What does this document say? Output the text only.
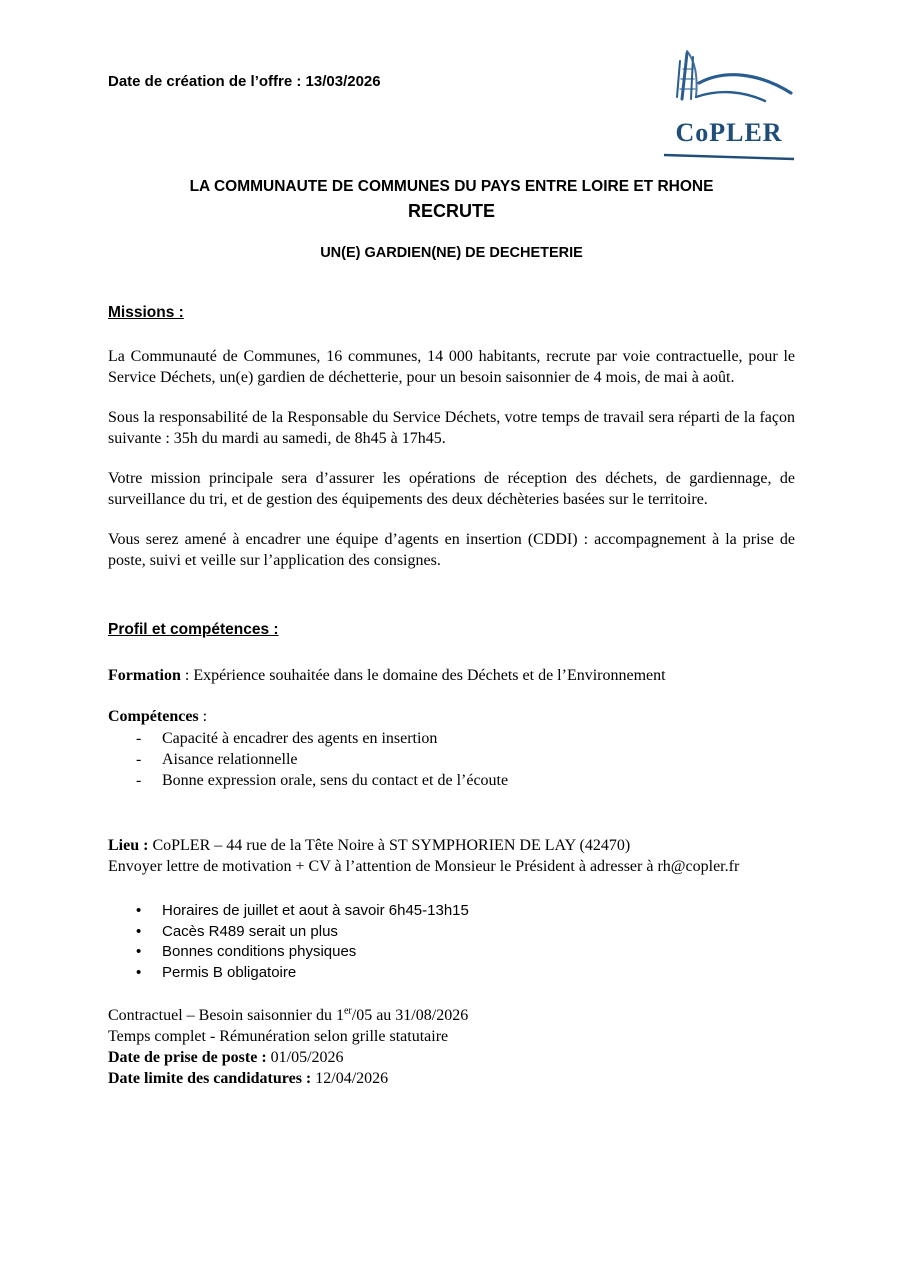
Date de création de l’offre : 13/03/2026
CoPLER
LA COMMUNAUTE DE COMMUNES DU PAYS ENTRE LOIRE ET RHONE
RECRUTE
UN(E) GARDIEN(NE) DE DECHETERIE
Missions :

La Communauté de Communes, 16 communes, 14 000 habitants, recrute par voie contractuelle, pour le Service Déchets, un(e) gardien de déchetterie, pour un besoin saisonnier de 4 mois, de mai à août.

Sous la responsabilité de la Responsable du Service Déchets, votre temps de travail sera réparti de la façon suivante : 35h du mardi au samedi, de 8h45 à 17h45.

Votre mission principale sera d’assurer les opérations de réception des déchets, de gardiennage, de surveillance du tri, et de gestion des équipements des deux déchèteries basées sur le territoire.

Vous serez amené à encadrer une équipe d’agents en insertion (CDDI) : accompagnement à la prise de poste, suivi et veille sur l’application des consignes.

Profil et compétences :
Formation : Expérience souhaitée dans le domaine des Déchets et de l’Environnement
Compétences :
- Capacité à encadrer des agents en insertion
- Aisance relationnelle
- Bonne expression orale, sens du contact et de l’écoute
Lieu : CoPLER – 44 rue de la Tête Noire à ST SYMPHORIEN DE LAY (42470)
Envoyer lettre de motivation + CV à l’attention de Monsieur le Président à adresser à rh@copler.fr
• Horaires de juillet et aout à savoir 6h45-13h15
• Cacès R489 serait un plus
• Bonnes conditions physiques
• Permis B obligatoire
Contractuel – Besoin saisonnier du 1er/05 au 31/08/2026
Temps complet - Rémunération selon grille statutaire
Date de prise de poste : 01/05/2026
Date limite des candidatures : 12/04/2026
